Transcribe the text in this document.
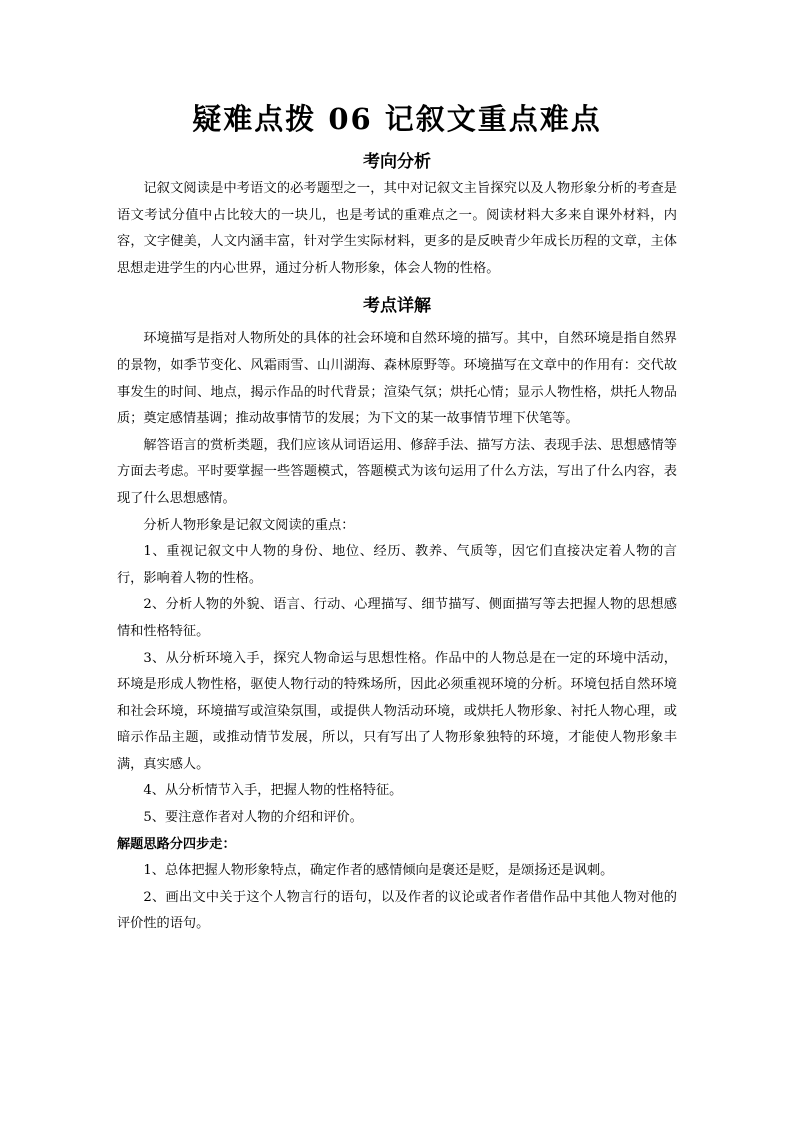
疑难点拨 06 记叙文重点难点
考向分析

记叙文阅读是中考语文的必考题型之一，其中对记叙文主旨探究以及人物形象分析的考查是语文考试分值中占比较大的一块儿，也是考试的重难点之一。阅读材料大多来自课外材料，内容，文字健美，人文内涵丰富，针对学生实际材料，更多的是反映青少年成长历程的文章，主体思想走进学生的内心世界，通过分析人物形象，体会人物的性格。

考点详解

环境描写是指对人物所处的具体的社会环境和自然环境的描写。其中，自然环境是指自然界的景物，如季节变化、风霜雨雪、山川湖海、森林原野等。环境描写在文章中的作用有：交代故事发生的时间、地点，揭示作品的时代背景；渲染气氛；烘托心情；显示人物性格，烘托人物品质；奠定感情基调；推动故事情节的发展；为下文的某一故事情节埋下伏笔等。

解答语言的赏析类题，我们应该从词语运用、修辞手法、描写方法、表现手法、思想感情等方面去考虑。平时要掌握一些答题模式，答题模式为该句运用了什么方法，写出了什么内容，表现了什么思想感情。

分析人物形象是记叙文阅读的重点：

1、重视记叙文中人物的身份、地位、经历、教养、气质等，因它们直接决定着人物的言行，影响着人物的性格。

2、分析人物的外貌、语言、行动、心理描写、细节描写、侧面描写等去把握人物的思想感情和性格特征。

3、从分析环境入手，探究人物命运与思想性格。作品中的人物总是在一定的环境中活动，环境是形成人物性格，驱使人物行动的特殊场所，因此必须重视环境的分析。环境包括自然环境和社会环境，环境描写或渲染氛围，或提供人物活动环境，或烘托人物形象、衬托人物心理，或暗示作品主题，或推动情节发展，所以，只有写出了人物形象独特的环境，才能使人物形象丰满，真实感人。

4、从分析情节入手，把握人物的性格特征。

5、要注意作者对人物的介绍和评价。

解题思路分四步走：

1、总体把握人物形象特点，确定作者的感情倾向是褒还是贬，是颂扬还是讽刺。

2、画出文中关于这个人物言行的语句，以及作者的议论或者作者借作品中其他人物对他的评价性的语句。
